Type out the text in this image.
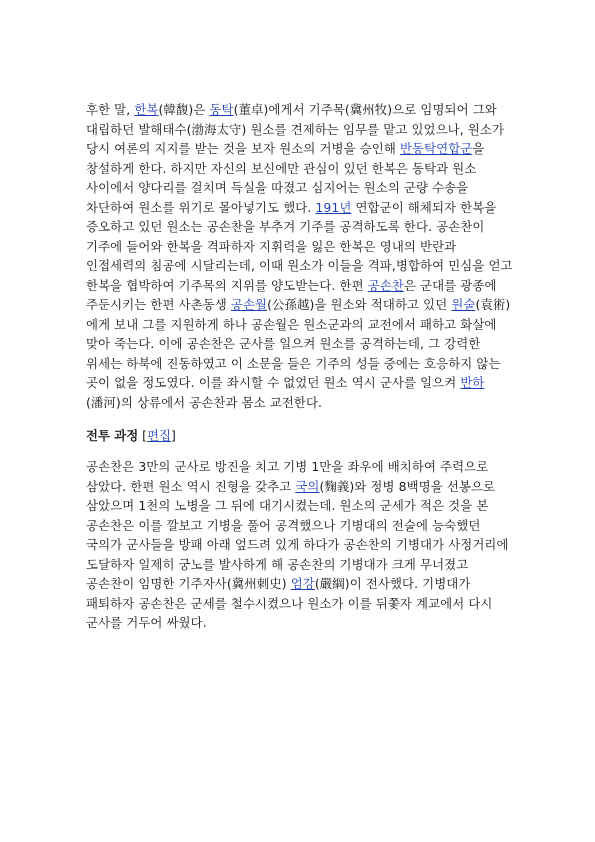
후한 말, 한복(韓馥)은 동탁(董卓)에게서 기주목(冀州牧)으로 임명되어 그와 대립하던 발해태수(渤海太守) 원소를 견제하는 임무를 맡고 있었으나, 원소가 당시 여론의 지지를 받는 것을 보자 원소의 거병을 승인해 반동탁연합군을 창설하게 한다. 하지만 자신의 보신에만 관심이 있던 한복은 동탁과 원소 사이에서 양다리를 걸치며 득실을 따졌고 심지어는 원소의 군량 수송을 차단하여 원소를 위기로 몰아넣기도 했다. 191년 연합군이 해체되자 한복을 증오하고 있던 원소는 공손찬을 부추겨 기주를 공격하도록 한다. 공손찬이 기주에 들어와 한복을 격파하자 지휘력을 잃은 한복은 영내의 반란과 인접세력의 침공에 시달리는데, 이때 원소가 이들을 격파,병합하여 민심을 얻고 한복을 협박하여 기주목의 지위를 양도받는다. 한편 공손찬은 군대를 광종에 주둔시키는 한편 사촌동생 공손월(公孫越)을 원소와 적대하고 있던 원술(袁術)에게 보내 그를 지원하게 하나 공손월은 원소군과의 교전에서 패하고 화살에 맞아 죽는다. 이에 공손찬은 군사를 일으켜 원소를 공격하는데, 그 강력한 위세는 하북에 진동하였고 이 소문을 들은 기주의 성들 중에는 호응하지 않는 곳이 없을 정도였다. 이를 좌시할 수 없었던 원소 역시 군사를 일으켜 반하(潘河)의 상류에서 공손찬과 몸소 교전한다.

전투 과정 [편집]

공손찬은 3만의 군사로 방진을 치고 기병 1만을 좌우에 배치하여 주력으로 삼았다. 한편 원소 역시 진형을 갖추고 국의(麴義)와 정병 8백명을 선봉으로 삼았으며 1천의 노병을 그 뒤에 대기시켰는데. 원소의 군세가 적은 것을 본 공손찬은 이를 깔보고 기병을 풀어 공격했으나 기병대의 전술에 능숙했던 국의가 군사들을 방패 아래 엎드려 있게 하다가 공손찬의 기병대가 사정거리에 도달하자 일제히 궁노를 발사하게 해 공손찬의 기병대가 크게 무너졌고 공손찬이 임명한 기주자사(冀州刺史) 엄강(嚴綱)이 전사했다. 기병대가 패퇴하자 공손찬은 군세를 철수시켰으나 원소가 이를 뒤쫓자 계교에서 다시 군사를 거두어 싸웠다.
